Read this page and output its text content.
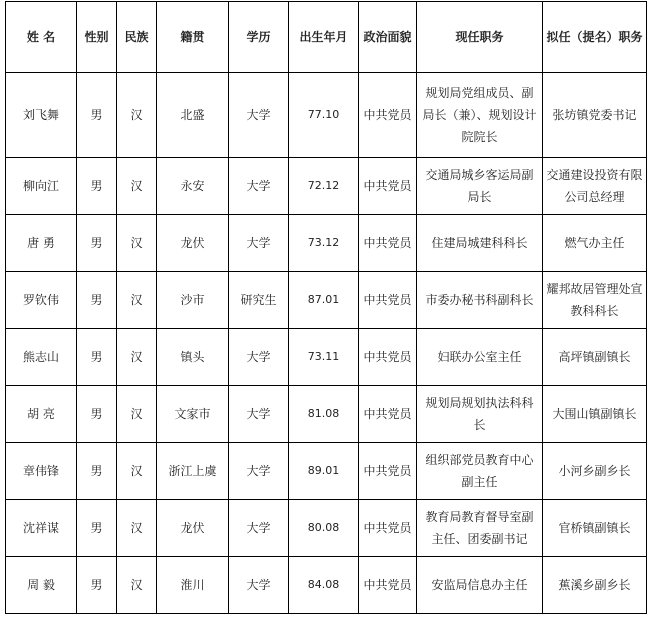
姓 名	性别	民族	籍贯	学历	出生年月	政治面貌	现任职务	拟任（提名）职务
刘飞舞	男	汉	北盛	大学	77.10	中共党员	规划局党组成员、副局长（兼）、规划设计院院长	张坊镇党委书记
柳向江	男	汉	永安	大学	72.12	中共党员	交通局城乡客运局副局长	交通建设投资有限公司总经理
唐 勇	男	汉	龙伏	大学	73.12	中共党员	住建局城建科科长	燃气办主任
罗钦伟	男	汉	沙市	研究生	87.01	中共党员	市委办秘书科副科长	耀邦故居管理处宣教科科长
熊志山	男	汉	镇头	大学	73.11	中共党员	妇联办公室主任	高坪镇副镇长
胡 亮	男	汉	文家市	大学	81.08	中共党员	规划局规划执法科科长	大围山镇副镇长
章伟锋	男	汉	浙江上虞	大学	89.01	中共党员	组织部党员教育中心副主任	小河乡副乡长
沈祥谋	男	汉	龙伏	大学	80.08	中共党员	教育局教育督导室副主任、团委副书记	官桥镇副镇长
周 毅	男	汉	淮川	大学	84.08	中共党员	安监局信息办主任	蕉溪乡副乡长
